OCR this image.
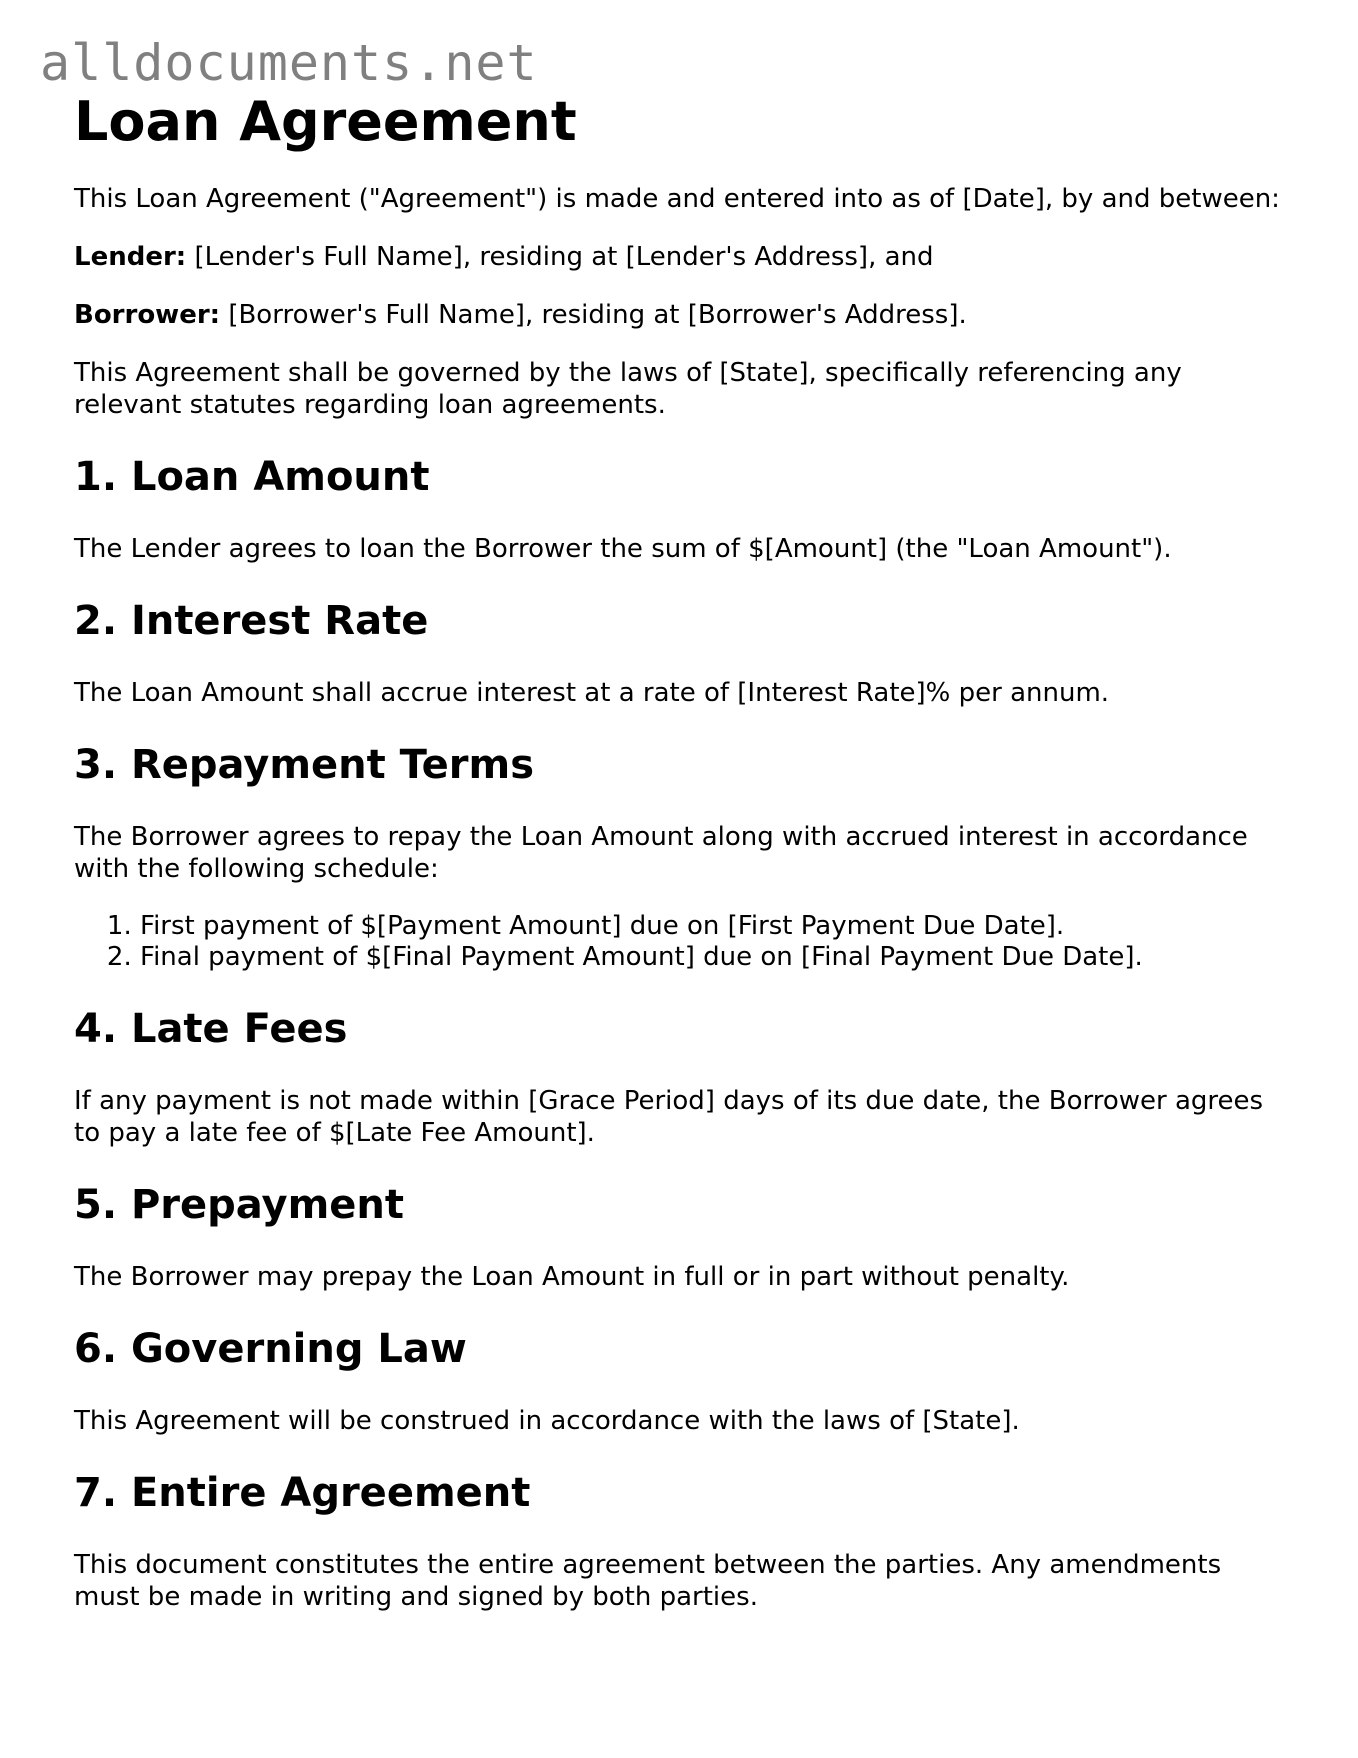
alldocuments.net
Loan Agreement

This Loan Agreement ("Agreement") is made and entered into as of [Date], by and between:

Lender: [Lender's Full Name], residing at [Lender's Address], and

Borrower: [Borrower's Full Name], residing at [Borrower's Address].

This Agreement shall be governed by the laws of [State], specifically referencing any relevant statutes regarding loan agreements.

1. Loan Amount

The Lender agrees to loan the Borrower the sum of $[Amount] (the "Loan Amount").

2. Interest Rate

The Loan Amount shall accrue interest at a rate of [Interest Rate]% per annum.

3. Repayment Terms

The Borrower agrees to repay the Loan Amount along with accrued interest in accordance with the following schedule:

1. First payment of $[Payment Amount] due on [First Payment Due Date].
2. Final payment of $[Final Payment Amount] due on [Final Payment Due Date].
4. Late Fees

If any payment is not made within [Grace Period] days of its due date, the Borrower agrees to pay a late fee of $[Late Fee Amount].

5. Prepayment

The Borrower may prepay the Loan Amount in full or in part without penalty.

6. Governing Law

This Agreement will be construed in accordance with the laws of [State].

7. Entire Agreement

This document constitutes the entire agreement between the parties. Any amendments must be made in writing and signed by both parties.
